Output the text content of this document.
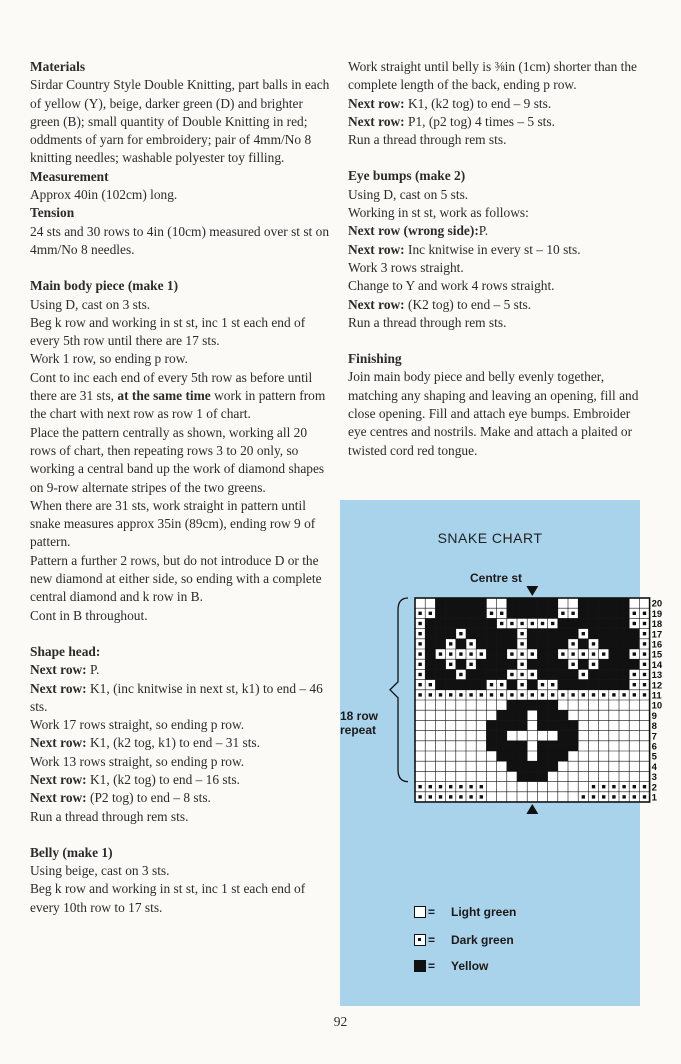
Materials

Sirdar Country Style Double Knitting, part balls in each of yellow (Y), beige, darker green (D) and brighter green (B); small quantity of Double Knitting in red; oddments of yarn for embroidery; pair of 4mm/No 8 knitting needles; washable polyester toy filling.

Measurement

Approx 40in (102cm) long.

Tension

24 sts and 30 rows to 4in (10cm) measured over st st on 4mm/No 8 needles.

Main body piece (make 1)

Using D, cast on 3 sts.

Beg k row and working in st st, inc 1 st each end of every 5th row until there are 17 sts.

Work 1 row, so ending p row.

Cont to inc each end of every 5th row as before until there are 31 sts, at the same time work in pattern from the chart with next row as row 1 of chart.

Place the pattern centrally as shown, working all 20 rows of chart, then repeating rows 3 to 20 only, so working a central band up the work of diamond shapes on 9-row alternate stripes of the two greens.

When there are 31 sts, work straight in pattern until snake measures approx 35in (89cm), ending row 9 of pattern.

Pattern a further 2 rows, but do not introduce D or the new diamond at either side, so ending with a complete central diamond and k row in B.

Cont in B throughout.

Shape head:

Next row: P.

Next row: K1, (inc knitwise in next st, k1) to end – 46 sts.

Work 17 rows straight, so ending p row.

Next row: K1, (k2 tog, k1) to end – 31 sts.

Work 13 rows straight, so ending p row.

Next row: K1, (k2 tog) to end – 16 sts.

Next row: (P2 tog) to end – 8 sts.

Run a thread through rem sts.

Belly (make 1)

Using beige, cast on 3 sts.

Beg k row and working in st st, inc 1 st each end of every 10th row to 17 sts.

Work straight until belly is ⅜in (1cm) shorter than the complete length of the back, ending p row.

Next row: K1, (k2 tog) to end – 9 sts.

Next row: P1, (p2 tog) 4 times – 5 sts.

Run a thread through rem sts.

Eye bumps (make 2)

Using D, cast on 5 sts.

Working in st st, work as follows:

Next row (wrong side):P.

Next row: Inc knitwise in every st – 10 sts.

Work 3 rows straight.

Change to Y and work 4 rows straight.

Next row: (K2 tog) to end – 5 sts.

Run a thread through rem sts.

Finishing

Join main body piece and belly evenly together, matching any shaping and leaving an opening, fill and close opening. Fill and attach eye bumps. Embroider eye centres and nostrils. Make and attach a plaited or twisted cord red tongue.

SNAKE CHART
Centre st
18 row
repeat
20
19
18
17
16
15
14
13
12
11
10
9
8
7
6
5
4
3
2
1
= Light green
= Dark green
= Yellow
92
